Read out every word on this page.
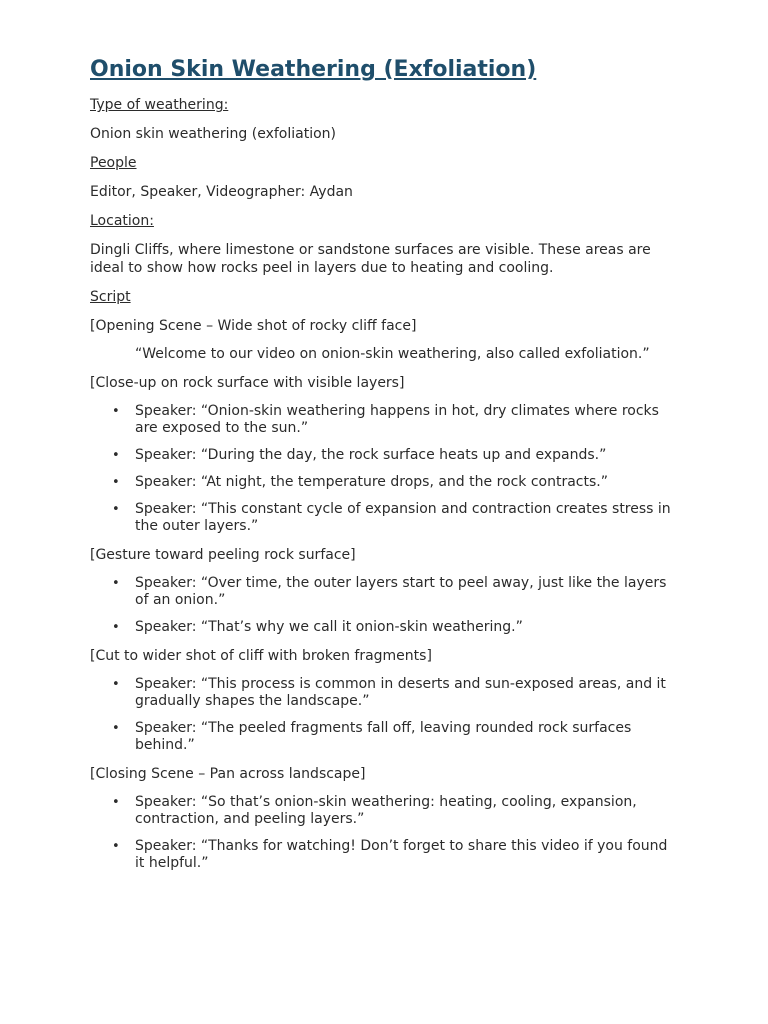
Onion Skin Weathering (Exfoliation)
Type of weathering:
Onion skin weathering (exfoliation)
People
Editor, Speaker, Videographer: Aydan
Location:
Dingli Cliffs, where limestone or sandstone surfaces are visible. These areas are ideal to show how rocks peel in layers due to heating and cooling.
Script
[Opening Scene – Wide shot of rocky cliff face]
“Welcome to our video on onion-skin weathering, also called exfoliation.”
[Close-up on rock surface with visible layers]
• Speaker: “Onion-skin weathering happens in hot, dry climates where rocks are exposed to the sun.”
• Speaker: “During the day, the rock surface heats up and expands.”
• Speaker: “At night, the temperature drops, and the rock contracts.”
• Speaker: “This constant cycle of expansion and contraction creates stress in the outer layers.”
[Gesture toward peeling rock surface]
• Speaker: “Over time, the outer layers start to peel away, just like the layers of an onion.”
• Speaker: “That’s why we call it onion-skin weathering.”
[Cut to wider shot of cliff with broken fragments]
• Speaker: “This process is common in deserts and sun-exposed areas, and it gradually shapes the landscape.”
• Speaker: “The peeled fragments fall off, leaving rounded rock surfaces behind.”
[Closing Scene – Pan across landscape]
• Speaker: “So that’s onion-skin weathering: heating, cooling, expansion, contraction, and peeling layers.”
• Speaker: “Thanks for watching! Don’t forget to share this video if you found it helpful.”
